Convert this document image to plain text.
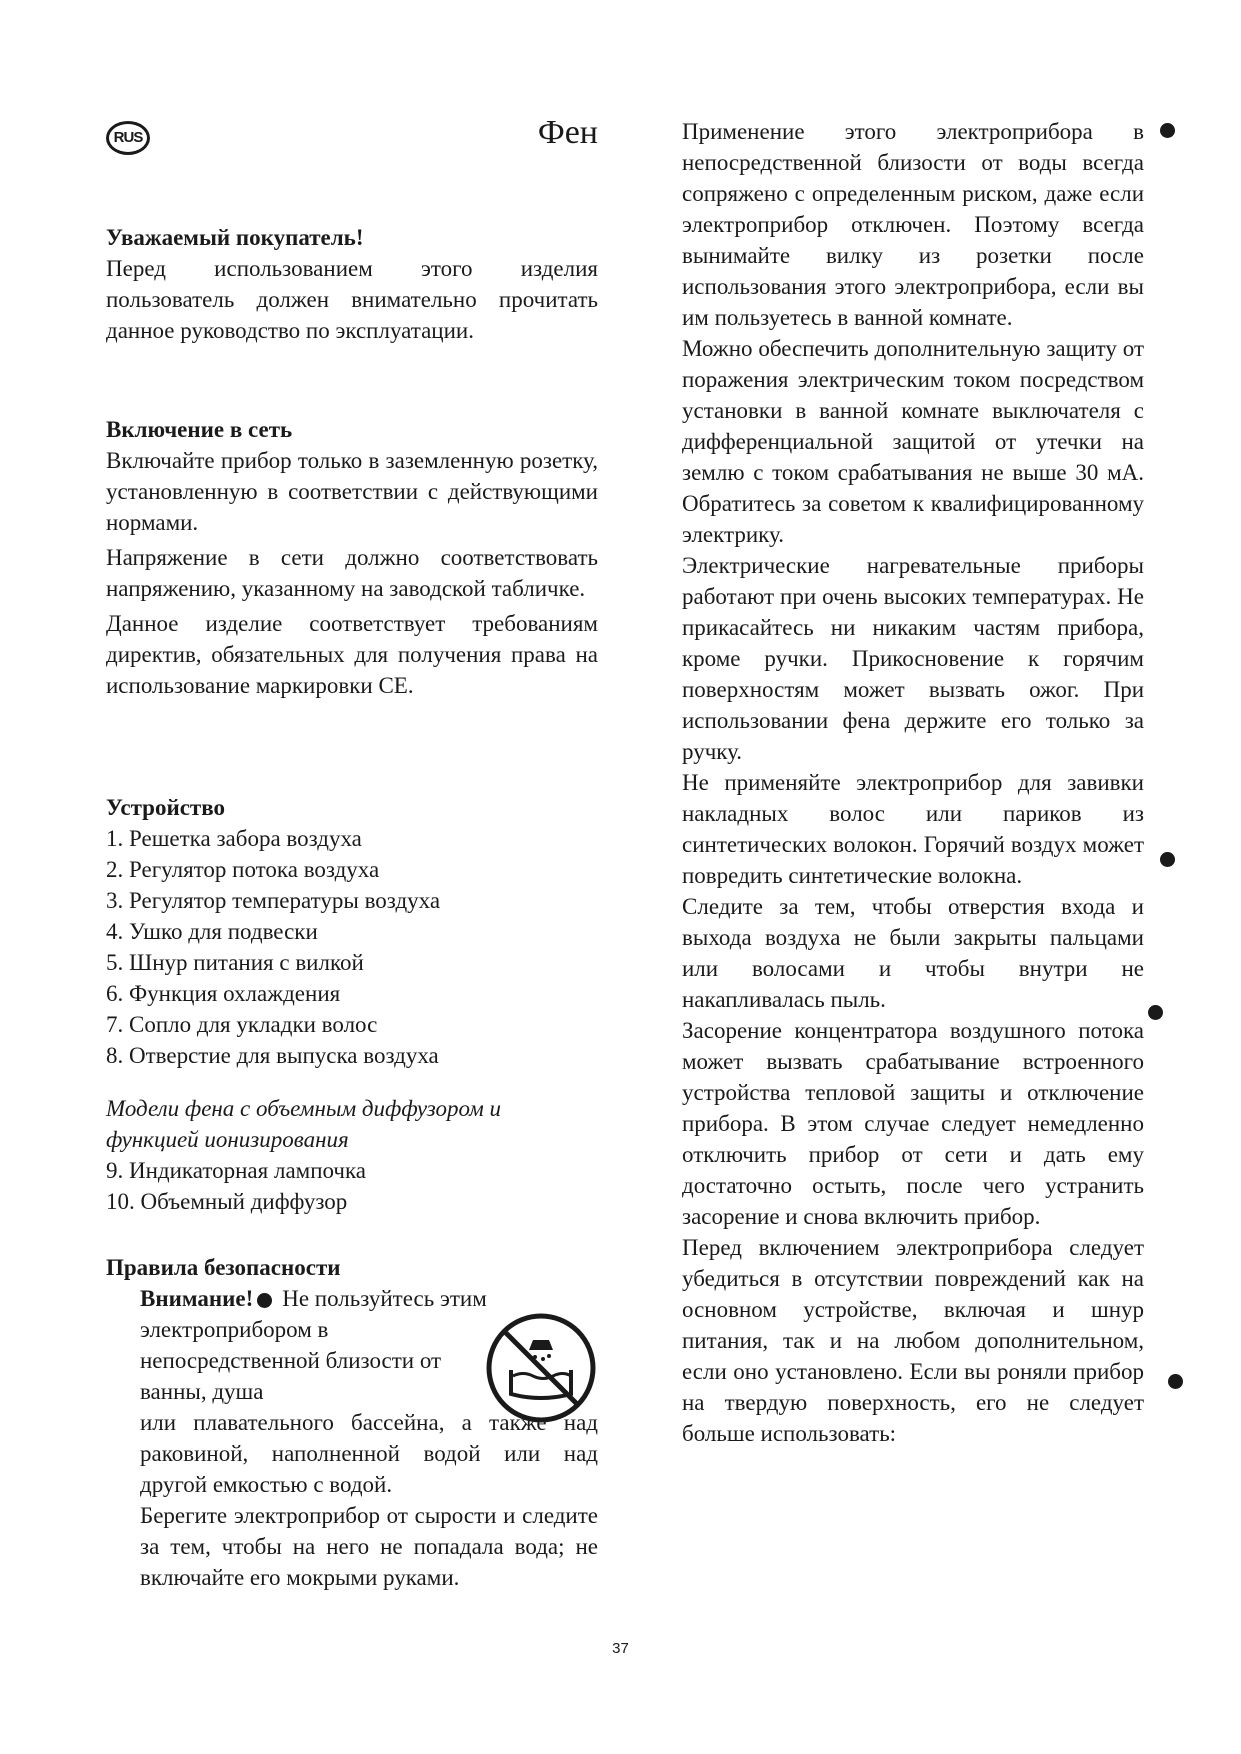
RUS	Фен
Уважаемый покупатель!

Перед использованием этого изделия пользователь должен внимательно прочитать данное руководство по эксплуатации.

Включение в сеть

Включайте прибор только в заземленную розетку, установленную в соответствии с действующими нормами.

Напряжение в сети должно соответствовать напряжению, указанному на заводской табличке.

Данное изделие соответствует требованиям директив, обязательных для получения права на использование маркировки CE.

Устройство
1. Решетка забора воздуха
2. Регулятор потока воздуха
3. Регулятор температуры воздуха
4. Ушко для подвески
5. Шнур питания с вилкой
6. Функция охлаждения
7. Сопло для укладки волос
8. Отверстие для выпуска воздуха

Модели фена с объемным диффузором и функцией ионизирования

9. Индикаторная лампочка
10. Объемный диффузор
Правила безопасности

Внимание! Не пользуйтесь этим электроприбором в непосредственной близости от ванны, душа

или плавательного бассейна, а также над раковиной, наполненной водой или над другой емкостью с водой.

Берегите электроприбор от сырости и следите за тем, чтобы на него не попадала вода; не включайте его мокрыми руками.

Применение этого электроприбора в непосредственной близости от воды всегда сопряжено с определенным риском, даже если электроприбор отключен. Поэтому всегда вынимайте вилку из розетки после использования этого электроприбора, если вы им пользуетесь в ванной комнате.

Можно обеспечить дополнительную защиту от поражения электрическим током посредством установки в ванной комнате выключателя с дифференциальной защитой от утечки на землю с током срабатывания не выше 30 мА. Обратитесь за советом к квалифицированному электрику.

Электрические нагревательные приборы работают при очень высоких температурах. Не прикасайтесь ни никаким частям прибора, кроме ручки. Прикосновение к горячим поверхностям может вызвать ожог. При использовании фена держите его только за ручку.

Не применяйте электроприбор для завивки накладных волос или париков из синтетических волокон. Горячий воздух может повредить синтетические волокна.

Следите за тем, чтобы отверстия входа и выхода воздуха не были закрыты пальцами или волосами и чтобы внутри не накапливалась пыль.

Засорение концентратора воздушного потока может вызвать срабатывание встроенного устройства тепловой защиты и отключение прибора. В этом случае следует немедленно отключить прибор от сети и дать ему достаточно остыть, после чего устранить засорение и снова включить прибор.

Перед включением электроприбора следует убедиться в отсутствии повреждений как на основном устройстве, включая и шнур питания, так и на любом дополнительном, если оно установлено. Если вы роняли прибор на твердую поверхность, его не следует больше использовать:

37
